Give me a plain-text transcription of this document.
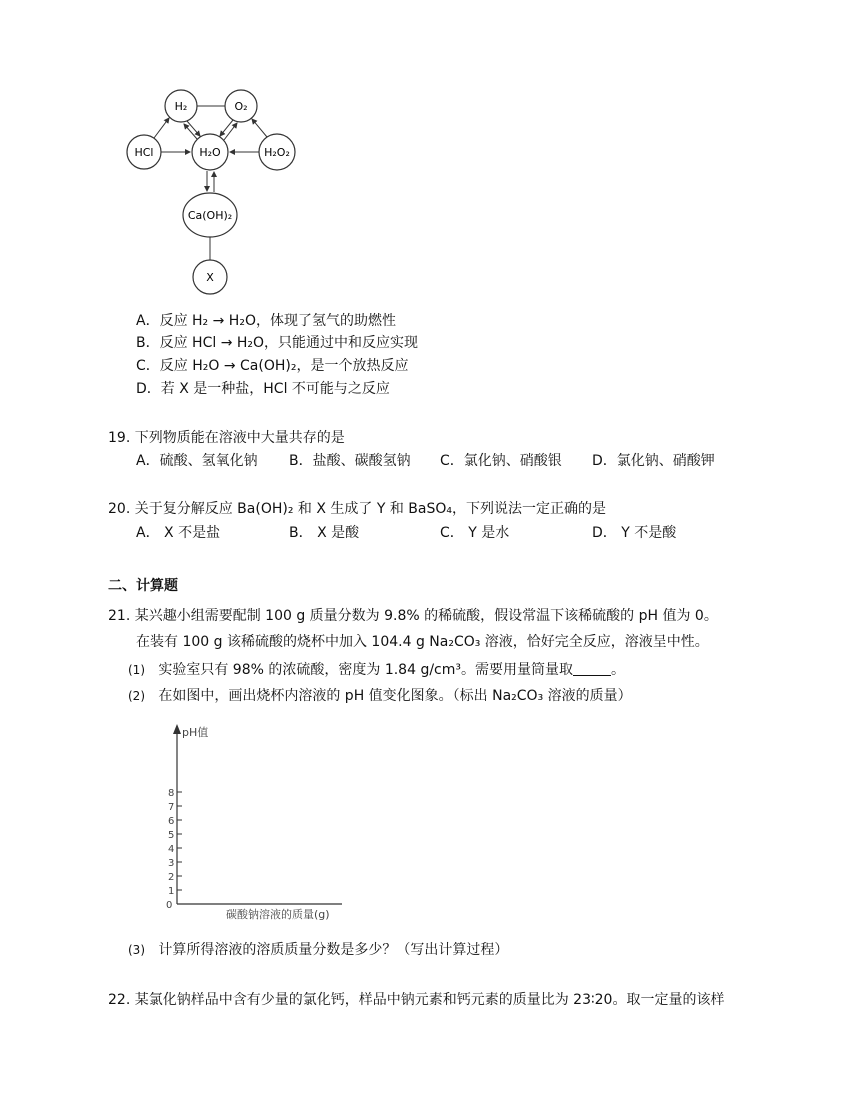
H₂	O₂
HCl	H₂O	H₂O₂
Ca(OH)₂
X
A．反应 H₂ → H₂O，体现了氢气的助燃性
B．反应 HCl → H₂O，只能通过中和反应实现
C．反应 H₂O → Ca(OH)₂，是一个放热反应
D．若 X 是一种盐，HCl 不可能与之反应
19. 下列物质能在溶液中大量共存的是
A．硫酸、氢氧化钠 B．盐酸、碳酸氢钠 C．氯化钠、硝酸银 D．氯化钠、硝酸钾
20. 关于复分解反应 Ba(OH)₂ 和 X 生成了 Y 和 BaSO₄，下列说法一定正确的是
A． X 不是盐	B． X 是酸	C． Y 是水	D． Y 不是酸
二、计算题
21. 某兴趣小组需要配制 100 g 质量分数为 9.8% 的稀硫酸，假设常温下该稀硫酸的 pH 值为 0。
在装有 100 g 该稀硫酸的烧杯中加入 104.4 g Na₂CO₃ 溶液，恰好完全反应，溶液呈中性。
(1) 实验室只有 98% 的浓硫酸，密度为 1.84 g/cm³。需要用量筒量取	。
(2) 在如图中，画出烧杯内溶液的 pH 值变化图象。（标出 Na₂CO₃ 溶液的质量）
pH值
0
碳酸钠溶液的质量(g)
1
2
3
4
5
6
7
8
(3) 计算所得溶液的溶质质量分数是多少？（写出计算过程）
22. 某氯化钠样品中含有少量的氯化钙，样品中钠元素和钙元素的质量比为 23∶20。取一定量的该样
